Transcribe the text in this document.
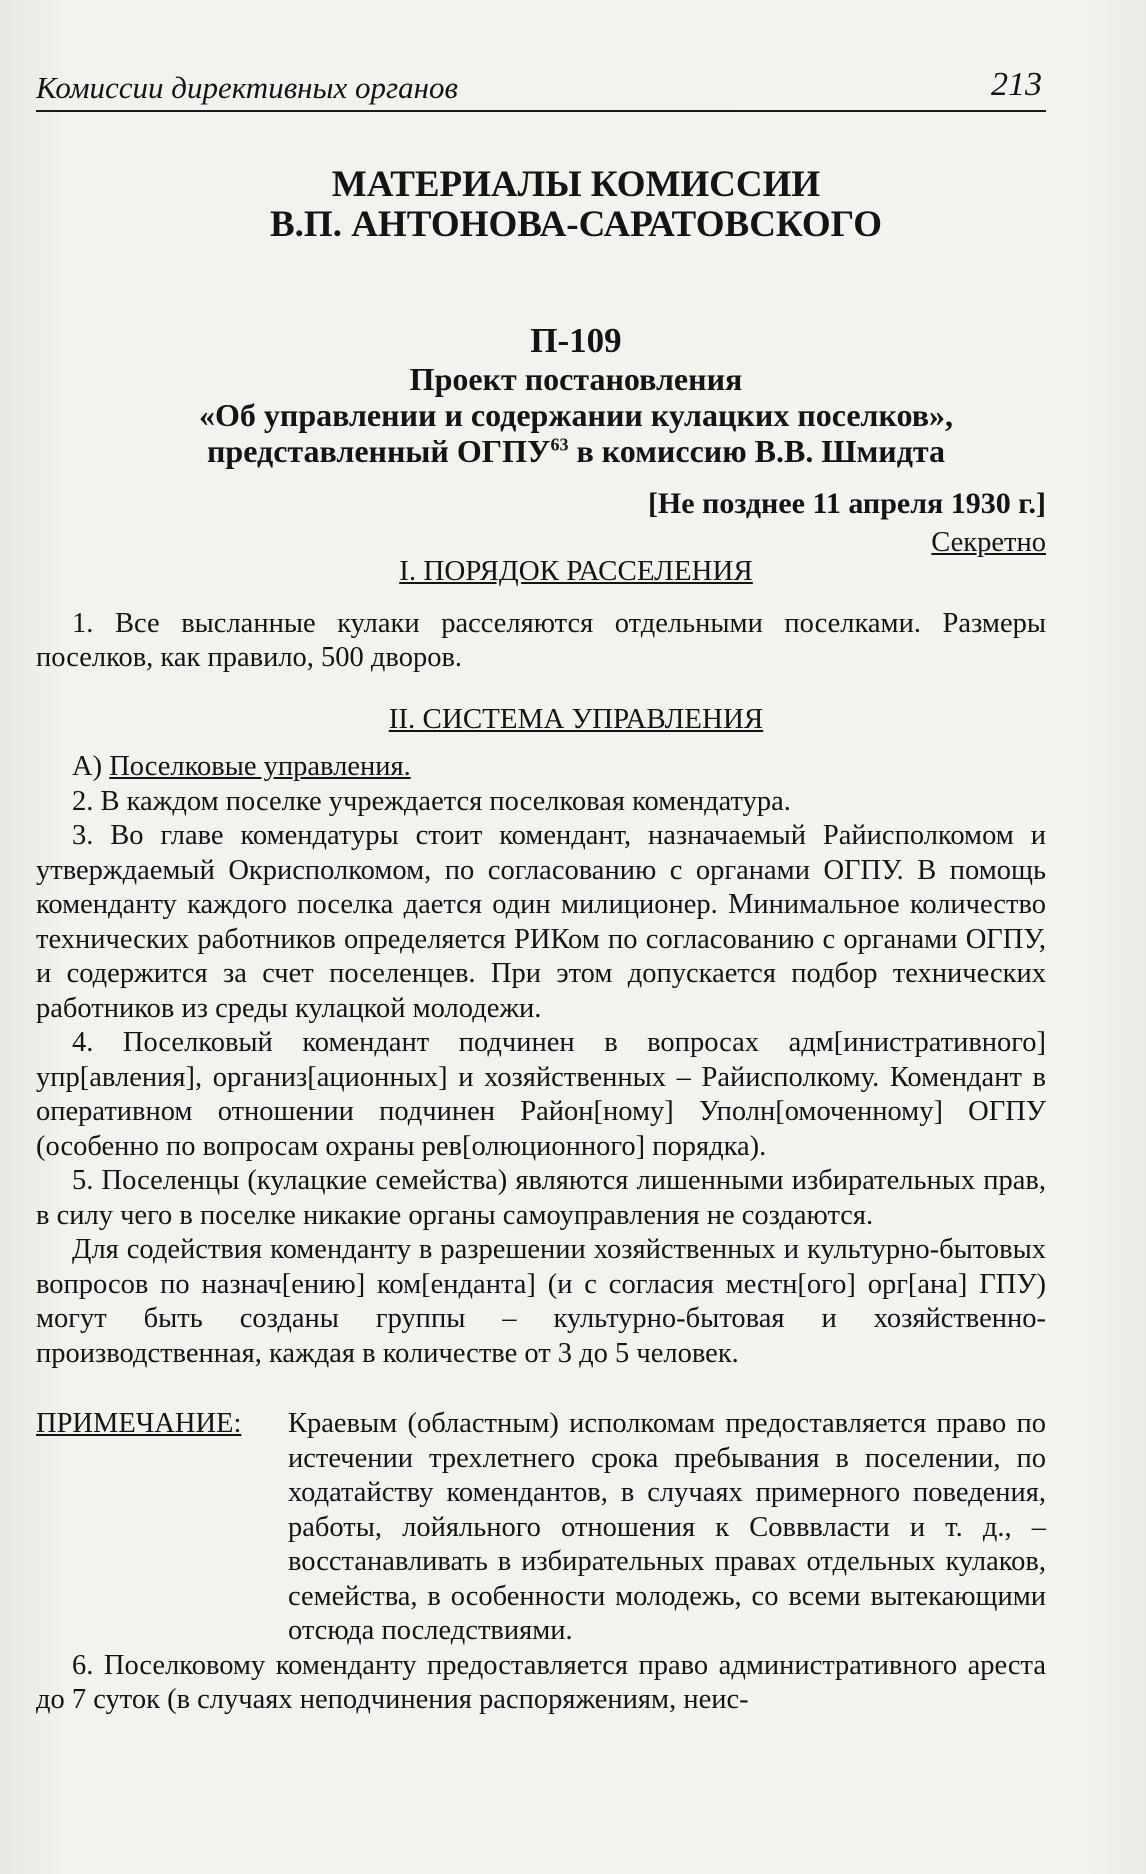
Комиссии директивных органов	213
МАТЕРИАЛЫ КОМИССИИ
В.П. АНТОНОВА-САРАТОВСКОГО
П-109
Проект постановления
«Об управлении и содержании кулацких поселков»,
представленный ОГПУ$^{63}$ в комиссию В.В. Шмидта
[Не позднее 11 апреля 1930 г.]
Секретно
I. ПОРЯДОК РАССЕЛЕНИЯ

1. Все высланные кулаки расселяются отдельными поселками. Размеры поселков, как правило, 500 дворов.

II. СИСТЕМА УПРАВЛЕНИЯ

А) Поселковые управления.

2. В каждом поселке учреждается поселковая комендатура.

3. Во главе комендатуры стоит комендант, назначаемый Райисполкомом и утверждаемый Окрисполкомом, по согласованию с органами ОГПУ. В помощь коменданту каждого поселка дается один милиционер. Минимальное количество технических работников определяется РИКом по согласованию с органами ОГПУ, и содержится за счет поселенцев. При этом допускается подбор технических работников из среды кулацкой молодежи.

4. Поселковый комендант подчинен в вопросах адм[инистративного] упр[авления], организ[ационных] и хозяйственных – Райисполкому. Комендант в оперативном отношении подчинен Район[ному] Уполн[омоченному] ОГПУ (особенно по вопросам охраны рев[олюционного] порядка).

5. Поселенцы (кулацкие семейства) являются лишенными избирательных прав, в силу чего в поселке никакие органы самоуправления не создаются.

Для содействия коменданту в разрешении хозяйственных и культурно-бытовых вопросов по назнач[ению] ком[енданта] (и с согласия местн[ого] орг[ана] ГПУ) могут быть созданы группы – культурно-бытовая и хозяйственно-производственная, каждая в количестве от 3 до 5 человек.

ПРИМЕЧАНИЕ:	Краевым (областным) исполкомам предоставляется право по истечении трехлетнего срока пребывания в поселении, по ходатайству комендантов, в случаях примерного поведения, работы, лойяльного отношения к Совввласти и т. д., – восстанавливать в избирательных правах отдельных кулаков, семейства, в особенности молодежь, со всеми вытекающими отсюда последствиями.

6. Поселковому коменданту предоставляется право административного ареста до 7 суток (в случаях неподчинения распоряжениям, неис-
